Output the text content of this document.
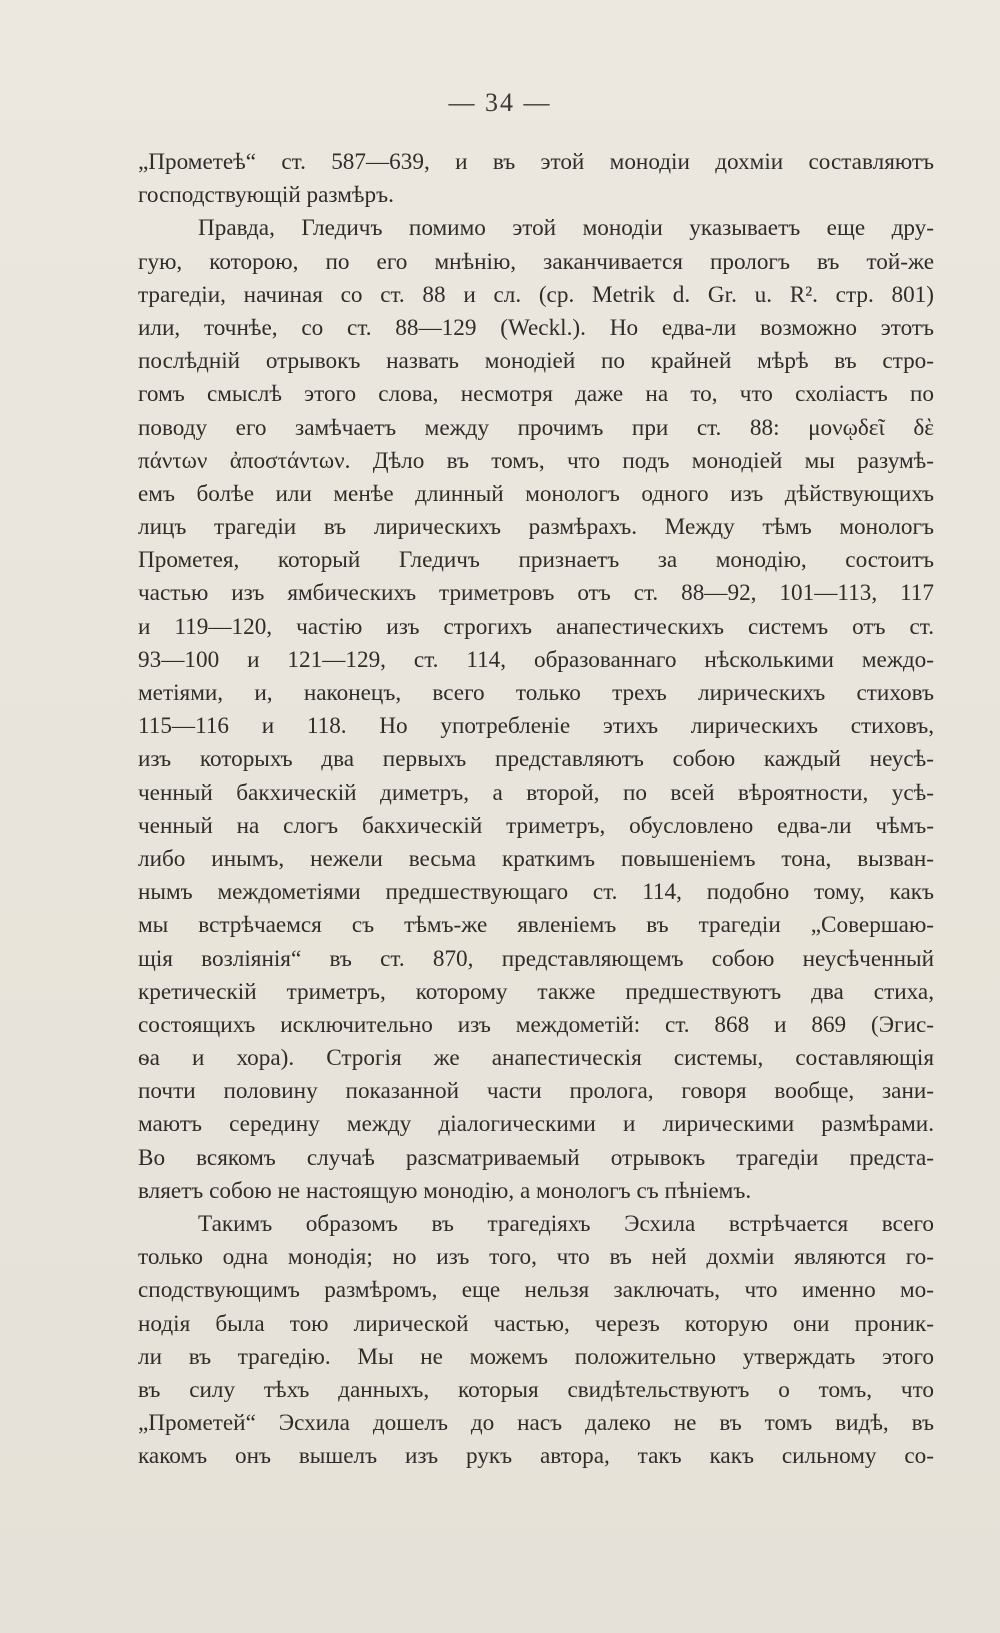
— 34 —
„Прометеѣ“ ст. 587—639, и въ этой монодіи дохміи составляютъ
господствующій размѣръ.
Правда, Гледичъ помимо этой монодіи указываетъ еще дру-
гую, которою, по его мнѣнію, заканчивается прологъ въ той-же
трагедіи, начиная со ст. 88 и сл. (ср. Metrik d. Gr. u. R². стр. 801)
или, точнѣе, со ст. 88—129 (Weckl.). Но едва-ли возможно этотъ
послѣдній отрывокъ назвать монодіей по крайней мѣрѣ въ стро-
гомъ смыслѣ этого слова, несмотря даже на то, что схоліастъ по
поводу его замѣчаетъ между прочимъ при ст. 88: μονῳδεῖ δὲ
πάντων ἀποστάντων. Дѣло въ томъ, что подъ монодіей мы разумѣ-
емъ болѣе или менѣе длинный монологъ одного изъ дѣйствующихъ
лицъ трагедіи въ лирическихъ размѣрахъ. Между тѣмъ монологъ
Прометея, который Гледичъ признаетъ за монодію, состоитъ
частью изъ ямбическихъ триметровъ отъ ст. 88—92, 101—113, 117
и 119—120, частію изъ строгихъ анапестическихъ системъ отъ ст.
93—100 и 121—129, ст. 114, образованнаго нѣсколькими междо-
метіями, и, наконецъ, всего только трехъ лирическихъ стиховъ
115—116 и 118. Но употребленіе этихъ лирическихъ стиховъ,
изъ которыхъ два первыхъ представляютъ собою каждый неусѣ-
ченный бакхическій диметръ, а второй, по всей вѣроятности, усѣ-
ченный на слогъ бакхическій триметръ, обусловлено едва-ли чѣмъ-
либо инымъ, нежели весьма краткимъ повышеніемъ тона, вызван-
нымъ междометіями предшествующаго ст. 114, подобно тому, какъ
мы встрѣчаемся съ тѣмъ-же явленіемъ въ трагедіи „Совершаю-
щія возліянія“ въ ст. 870, представляющемъ собою неусѣченный
кретическій триметръ, которому также предшествуютъ два стиха,
состоящихъ исключительно изъ междометій: ст. 868 и 869 (Эгис-
ѳа и хора). Строгія же анапестическія системы, составляющія
почти половину показанной части пролога, говоря вообще, зани-
маютъ середину между діалогическими и лирическими размѣрами.
Во всякомъ случаѣ разсматриваемый отрывокъ трагедіи предста-
вляетъ собою не настоящую монодію, а монологъ съ пѣніемъ.
Такимъ образомъ въ трагедіяхъ Эсхила встрѣчается всего
только одна монодія; но изъ того, что въ ней дохміи являются го-
сподствующимъ размѣромъ, еще нельзя заключать, что именно мо-
нодія была тою лирической частью, черезъ которую они проник-
ли въ трагедію. Мы не можемъ положительно утверждать этого
въ силу тѣхъ данныхъ, которыя свидѣтельствуютъ о томъ, что
„Прометей“ Эсхила дошелъ до насъ далеко не въ томъ видѣ, въ
какомъ онъ вышелъ изъ рукъ автора, такъ какъ сильному со-
